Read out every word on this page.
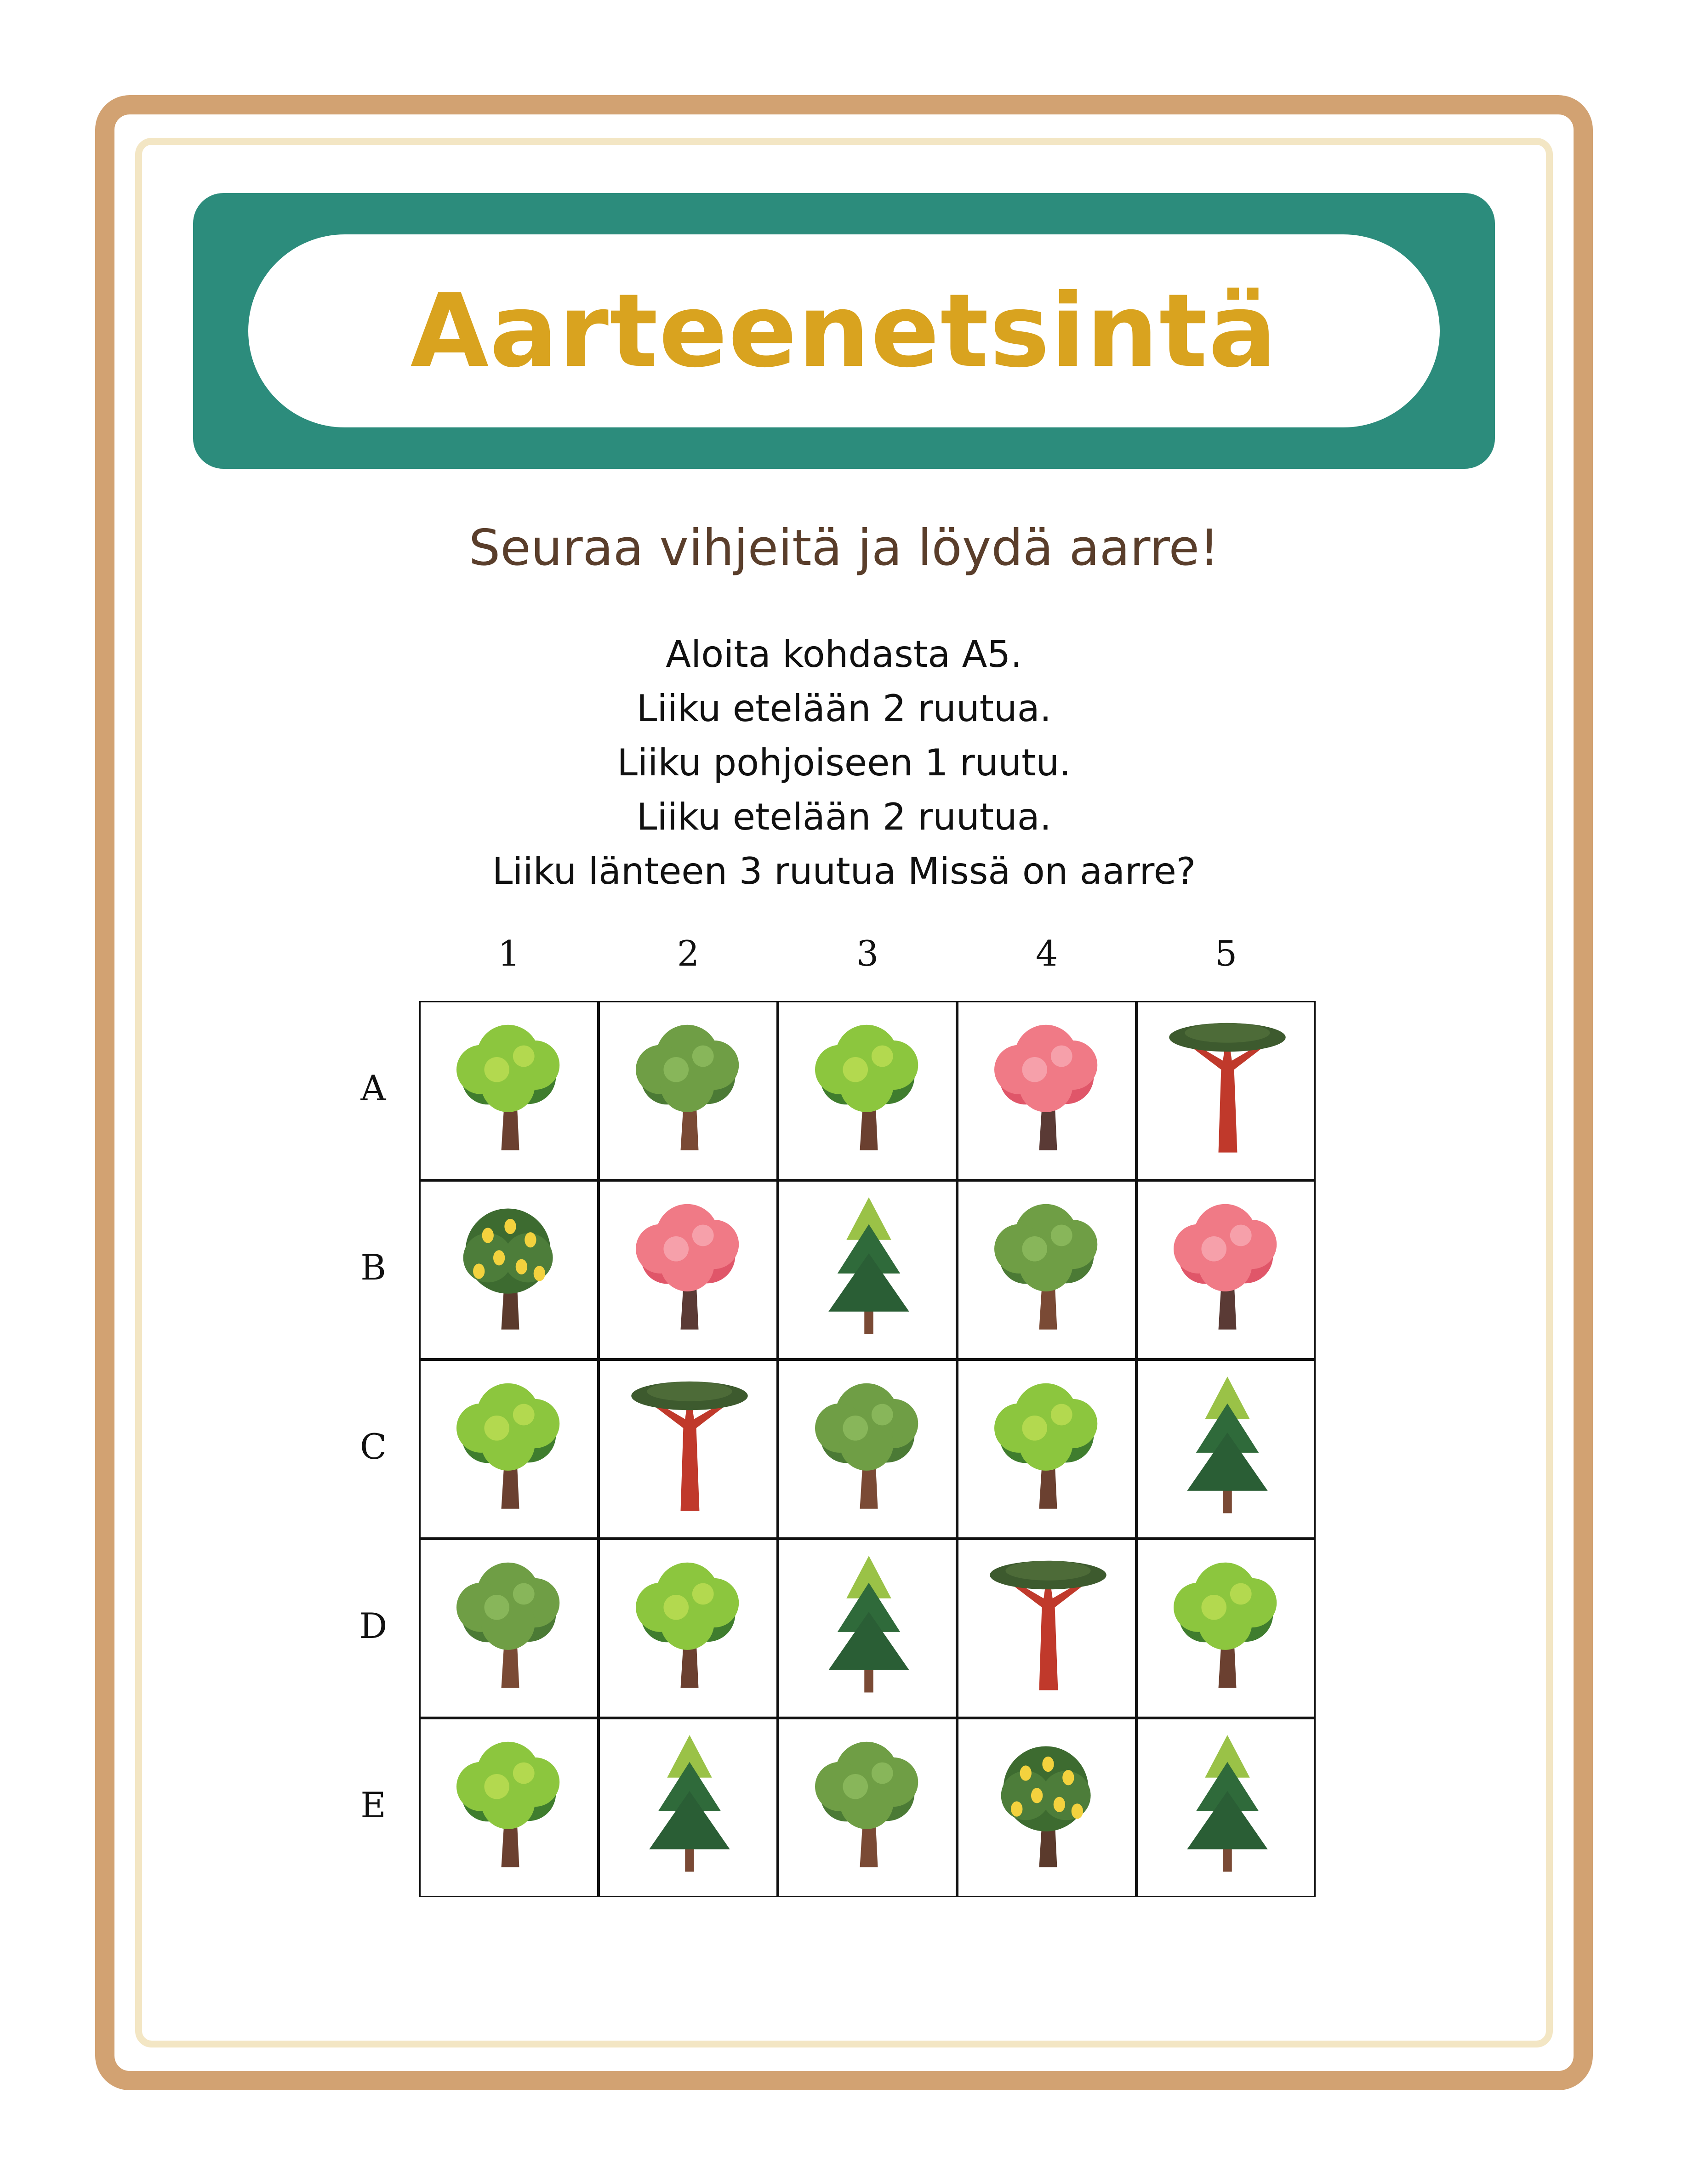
Aarteenetsintä
Seuraa vihjeitä ja löydä aarre!
Aloita kohdasta A5.
Liiku etelään 2 ruutua.
Liiku pohjoiseen 1 ruutu.
Liiku etelään 2 ruutua.
Liiku länteen 3 ruutua Missä on aarre?
1	2	3	4	5
A
B
C
D
E
